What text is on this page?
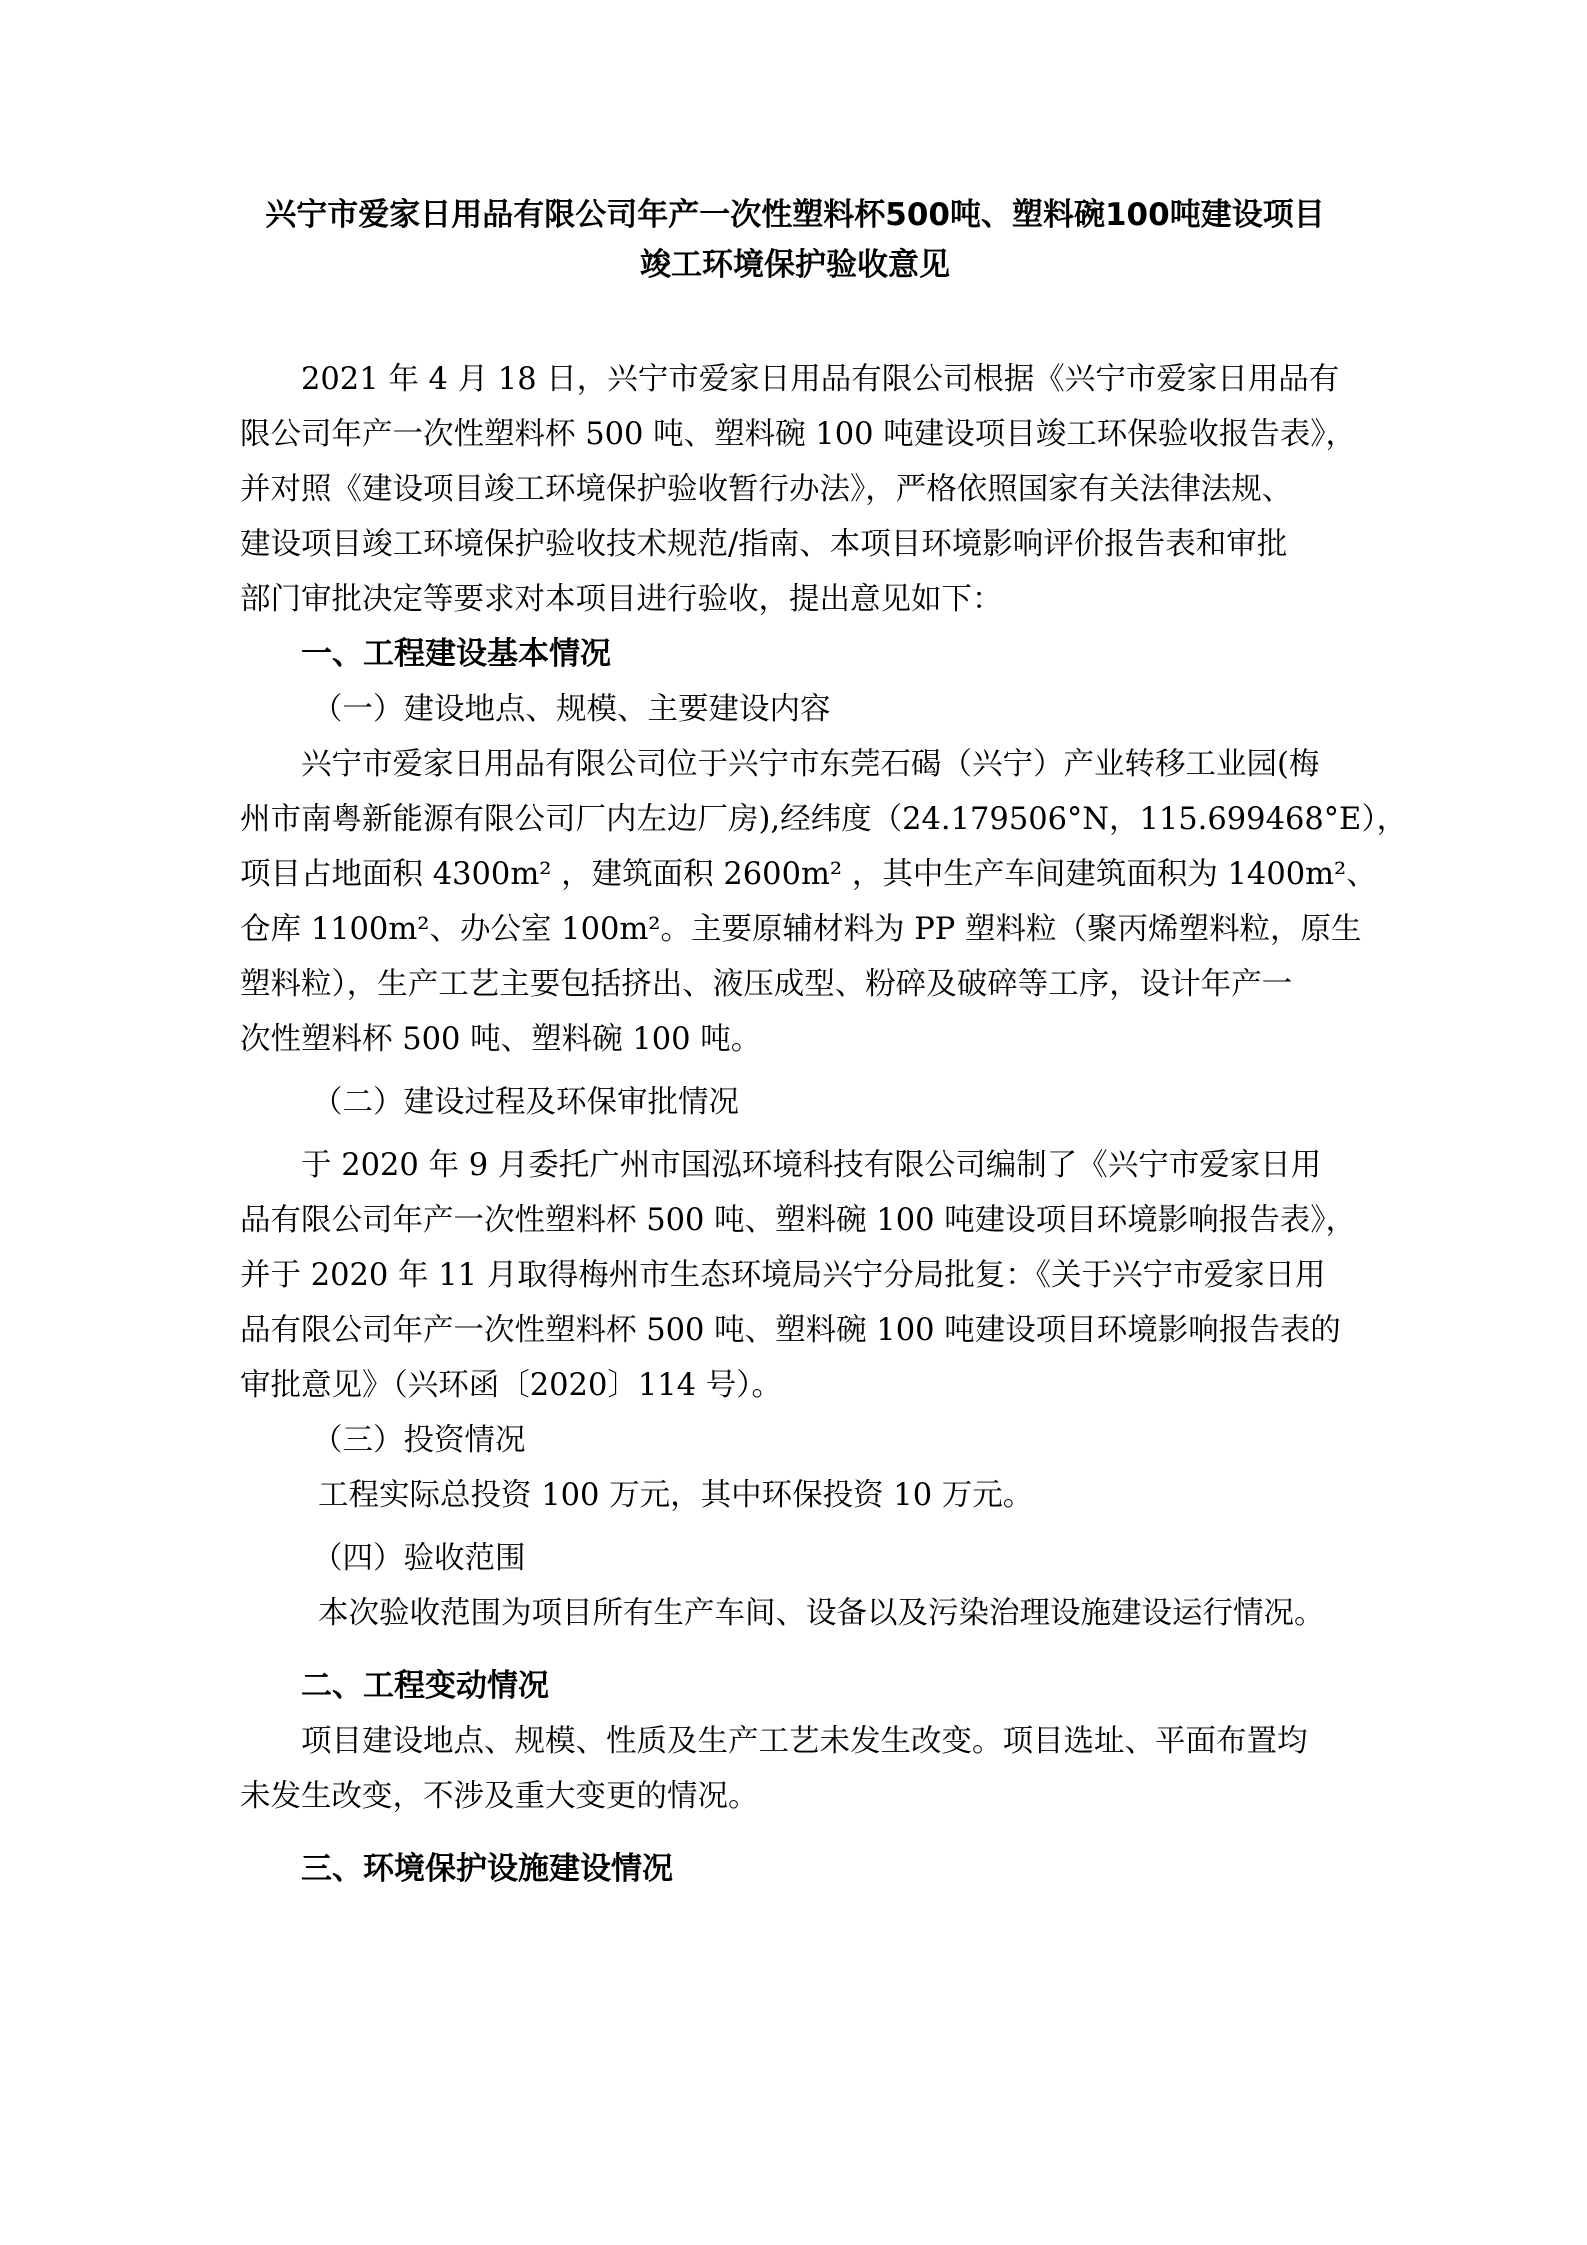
兴宁市爱家日用品有限公司年产一次性塑料杯500吨、塑料碗100吨建设项目
竣工环境保护验收意见

2021 年 4 月 18 日，兴宁市爱家日用品有限公司根据《兴宁市爱家日用品有
限公司年产一次性塑料杯 500 吨、塑料碗 100 吨建设项目竣工环保验收报告表》，
并对照《建设项目竣工环境保护验收暂行办法》，严格依照国家有关法律法规、
建设项目竣工环境保护验收技术规范/指南、本项目环境影响评价报告表和审批
部门审批决定等要求对本项目进行验收，提出意见如下：

一、工程建设基本情况

（一）建设地点、规模、主要建设内容

兴宁市爱家日用品有限公司位于兴宁市东莞石碣（兴宁）产业转移工业园(梅
州市南粤新能源有限公司厂内左边厂房),经纬度（24.179506°N，115.699468°E），
项目占地面积 4300m² ，建筑面积 2600m² ，其中生产车间建筑面积为 1400m²、
仓库 1100m²、办公室 100m²。主要原辅材料为 PP 塑料粒（聚丙烯塑料粒，原生
塑料粒），生产工艺主要包括挤出、液压成型、粉碎及破碎等工序，设计年产一
次性塑料杯 500 吨、塑料碗 100 吨。

（二）建设过程及环保审批情况

于 2020 年 9 月委托广州市国泓环境科技有限公司编制了《兴宁市爱家日用
品有限公司年产一次性塑料杯 500 吨、塑料碗 100 吨建设项目环境影响报告表》，
并于 2020 年 11 月取得梅州市生态环境局兴宁分局批复：《关于兴宁市爱家日用
品有限公司年产一次性塑料杯 500 吨、塑料碗 100 吨建设项目环境影响报告表的
审批意见》（兴环函〔2020〕114 号）。

（三）投资情况

工程实际总投资 100 万元，其中环保投资 10 万元。

（四）验收范围

本次验收范围为项目所有生产车间、设备以及污染治理设施建设运行情况。

二、工程变动情况

项目建设地点、规模、性质及生产工艺未发生改变。项目选址、平面布置均
未发生改变，不涉及重大变更的情况。

三、环境保护设施建设情况
